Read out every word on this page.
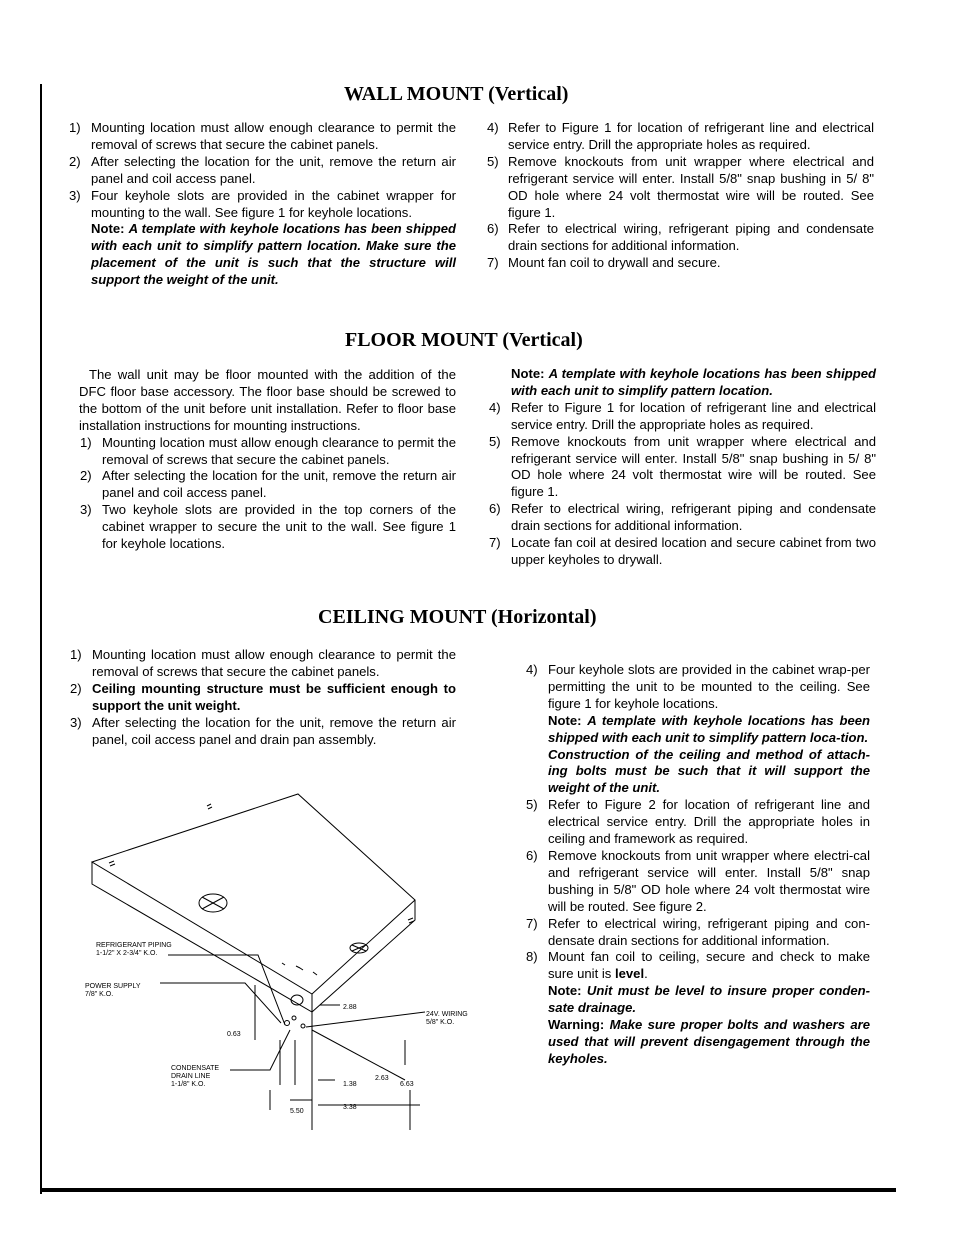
WALL MOUNT (Vertical)
1) Mounting location must allow enough clearance to permit the removal of screws that secure the cabinet panels.
2) After selecting the location for the unit, remove the return air panel and coil access panel.
3) Four keyhole slots are provided in the cabinet wrapper for mounting to the wall. See figure 1 for keyhole locations.
Note: A template with keyhole locations has been shipped with each unit to simplify pattern location. Make sure the placement of the unit is such that the structure will support the weight of the unit.
4) Refer to Figure 1 for location of refrigerant line and electrical service entry. Drill the appropriate holes as required.
5) Remove knockouts from unit wrapper where electrical and refrigerant service will enter. Install 5/8" snap bushing in 5/ 8" OD hole where 24 volt thermostat wire will be routed. See figure 1.
6) Refer to electrical wiring, refrigerant piping and condensate drain sections for additional information.
7) Mount fan coil to drywall and secure.
FLOOR MOUNT (Vertical)

The wall unit may be floor mounted with the addition of the DFC floor base accessory. The floor base should be screwed to the bottom of the unit before unit installation. Refer to floor base installation instructions for mounting instructions.

1) Mounting location must allow enough clearance to permit the removal of screws that secure the cabinet panels.
2) After selecting the location for the unit, remove the return air panel and coil access panel.
3) Two keyhole slots are provided in the top corners of the cabinet wrapper to secure the unit to the wall. See figure 1 for keyhole locations.
Note: A template with keyhole locations has been shipped with each unit to simplify pattern location.
4) Refer to Figure 1 for location of refrigerant line and electrical service entry. Drill the appropriate holes as required.
5) Remove knockouts from unit wrapper where electrical and refrigerant service will enter. Install 5/8" snap bushing in 5/ 8" OD hole where 24 volt thermostat wire will be routed. See figure 1.
6) Refer to electrical wiring, refrigerant piping and condensate drain sections for additional information.
7) Locate fan coil at desired location and secure cabinet from two upper keyholes to drywall.
CEILING MOUNT (Horizontal)
1) Mounting location must allow enough clearance to permit the removal of screws that secure the cabinet panels.
2) Ceiling mounting structure must be sufficient enough to support the unit weight.
3) After selecting the location for the unit, remove the return air panel, coil access panel and drain pan assembly.
4) Four keyhole slots are provided in the cabinet wrap-per permitting the unit to be mounted to the ceiling. See figure 1 for keyhole locations.
Note: A template with keyhole locations has been shipped with each unit to simplify pattern loca-tion.
Construction of the ceiling and method of attach-ing bolts must be such that it will support the weight of the unit.
5) Refer to Figure 2 for location of refrigerant line and electrical service entry. Drill the appropriate holes in ceiling and framework as required.
6) Remove knockouts from unit wrapper where electri-cal and refrigerant service will enter. Install 5/8" snap bushing in 5/8" OD hole where 24 volt thermostat wire will be routed. See figure 2.
7) Refer to electrical wiring, refrigerant piping and con-densate drain sections for additional information.
8) Mount fan coil to ceiling, secure and check to make sure unit is level.
Note: Unit must be level to insure proper conden-sate drainage.
Warning: Make sure proper bolts and washers are used that will prevent disengagement through the keyholes.
REFRIGERANT PIPING
1-1/2" X 2-3/4" K.O.
POWER SUPPLY
7/8" K.O.
24V. WIRING
5/8" K.O.
CONDENSATE
DRAIN LINE
1-1/8" K.O.
2.88
0.63
1.38
2.63
6.63
3.38
5.50
